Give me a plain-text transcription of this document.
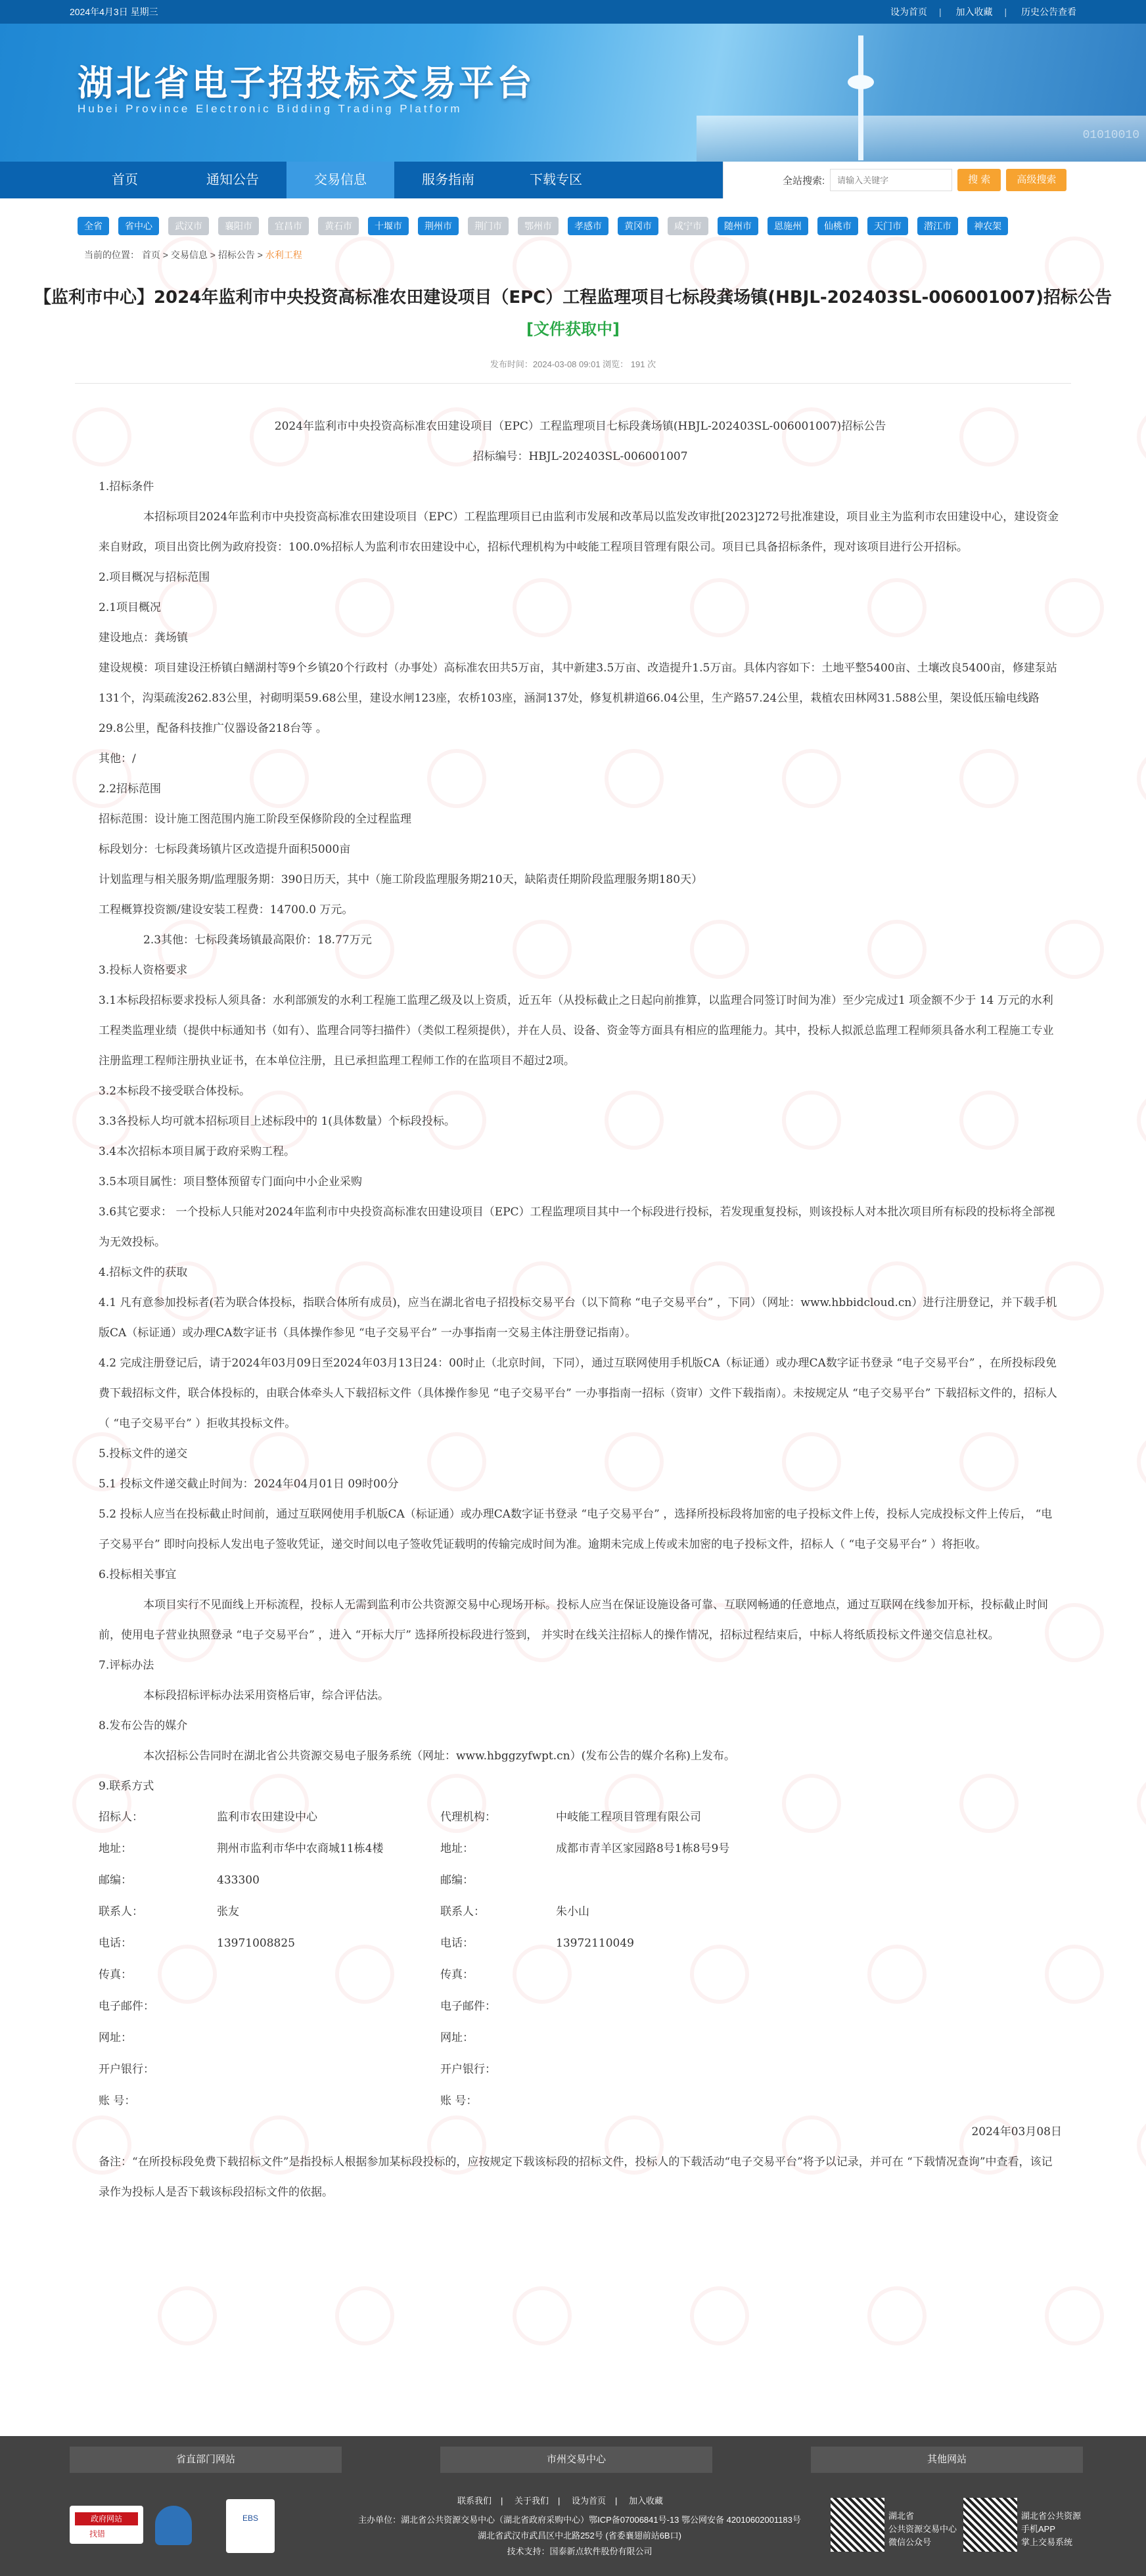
2024年4月3日 星期三	设为首页 | 加入收藏 | 历史公告查看
湖北省电子招投标交易平台
Hubei Province Electronic Bidding Trading Platform
01010010
首页	通知公告	交易信息	服务指南	下载专区	全站搜索:
请输入关键字	搜 索	高级搜索
全省	省中心	武汉市	襄阳市	宜昌市	黄石市	十堰市	荆州市	荆门市	鄂州市	孝感市	黄冈市	咸宁市	随州市	恩施州	仙桃市	天门市	潜江市	神农架
当前的位置： 首页 > 交易信息 > 招标公告 > 水利工程
【监利市中心】2024年监利市中央投资高标准农田建设项目（EPC）工程监理项目七标段龚场镇(HBJL-202403SL-006001007)招标公告
[文件获取中]
发布时间：2024-03-08 09:01 浏览： 191 次
2024年监利市中央投资高标准农田建设项目（EPC）工程监理项目七标段龚场镇(HBJL-202403SL-006001007)招标公告
招标编号：HBJL-202403SL-006001007
1.招标条件
本招标项目2024年监利市中央投资高标准农田建设项目（EPC）工程监理项目已由监利市发展和改革局以监发改审批[2023]272号批准建设，项目业主为监利市农田建设中心，建设资金来自财政，项目出资比例为政府投资：100.0%招标人为监利市农田建设中心，招标代理机构为中岐能工程项目管理有限公司。项目已具备招标条件，现对该项目进行公开招标。
2.项目概况与招标范围
2.1项目概况
建设地点：龚场镇
建设规模：项目建设汪桥镇白鳝湖村等9个乡镇20个行政村（办事处）高标准农田共5万亩，其中新建3.5万亩、改造提升1.5万亩。具体内容如下：土地平整5400亩、土壤改良5400亩，修建泵站131个，沟渠疏浚262.83公里，衬砌明渠59.68公里，建设水闸123座，农桥103座，涵洞137处，修复机耕道66.04公里，生产路57.24公里，栽植农田林网31.588公里，架设低压输电线路29.8公里，配备科技推广仪器设备218台等 。
其他：/
2.2招标范围
招标范围：设计施工图范围内施工阶段至保修阶段的全过程监理
标段划分：七标段龚场镇片区改造提升面积5000亩
计划监理与相关服务期/监理服务期：390日历天，其中（施工阶段监理服务期210天，缺陷责任期阶段监理服务期180天）
工程概算投资额/建设安装工程费：14700.0 万元。
2.3其他：七标段龚场镇最高限价：18.77万元
3.投标人资格要求
3.1本标段招标要求投标人须具备：水利部颁发的水利工程施工监理乙级及以上资质，近五年（从投标截止之日起向前推算，以监理合同签订时间为准）至少完成过1 项金额不少于 14 万元的水利工程类监理业绩（提供中标通知书（如有）、监理合同等扫描件）（类似工程须提供），并在人员、设备、资金等方面具有相应的监理能力。其中，投标人拟派总监理工程师须具备水利工程施工专业注册监理工程师注册执业证书，在本单位注册，且已承担监理工程师工作的在监项目不超过2项。
3.2本标段不接受联合体投标。
3.3各投标人均可就本招标项目上述标段中的 1(具体数量）个标段投标。
3.4本次招标本项目属于政府采购工程。
3.5本项目属性：项目整体预留专门面向中小企业采购
3.6其它要求： 一个投标人只能对2024年监利市中央投资高标准农田建设项目（EPC）工程监理项目其中一个标段进行投标，若发现重复投标，则该投标人对本批次项目所有标段的投标将全部视为无效投标。
4.招标文件的获取
4.1 凡有意参加投标者(若为联合体投标，指联合体所有成员)，应当在湖北省电子招投标交易平台（以下简称 “电子交易平台” ，下同）（网址：www.hbbidcloud.cn）进行注册登记，并下载手机版CA（标证通）或办理CA数字证书（具体操作参见 “电子交易平台” 一办事指南一交易主体注册登记指南）。
4.2 完成注册登记后，请于2024年03月09日至2024年03月13日24：00时止（北京时间，下同），通过互联网使用手机版CA（标证通）或办理CA数字证书登录 “电子交易平台” ，在所投标段免费下载招标文件，联合体投标的，由联合体牵头人下载招标文件（具体操作参见 “电子交易平台” 一办事指南一招标（资审）文件下载指南）。未按规定从 “电子交易平台” 下载招标文件的，招标人 （ “电子交易平台” ）拒收其投标文件。
5.投标文件的递交
5.1 投标文件递交截止时间为：2024年04月01日 09时00分
5.2 投标人应当在投标截止时间前，通过互联网使用手机版CA（标证通）或办理CA数字证书登录 “电子交易平台” ，选择所投标段将加密的电子投标文件上传，投标人完成投标文件上传后， “电子交易平台” 即时向投标人发出电子签收凭证，递交时间以电子签收凭证载明的传输完成时间为准。逾期未完成上传或未加密的电子投标文件，招标人（ “电子交易平台” ）将拒收。
6.投标相关事宜
本项目实行不见面线上开标流程，投标人无需到监利市公共资源交易中心现场开标。投标人应当在保证设施设备可靠、互联网畅通的任意地点，通过互联网在线参加开标，投标截止时间前，使用电子营业执照登录 “电子交易平台” ，进入 “开标大厅” 选择所投标段进行签到， 并实时在线关注招标人的操作情况，招标过程结束后，中标人将纸质投标文件递交信息社权。
7.评标办法
本标段招标评标办法采用资格后审，综合评估法。
8.发布公告的媒介
本次招标公告同时在湖北省公共资源交易电子服务系统（网址：www.hbggzyfwpt.cn）(发布公告的媒介名称)上发布。
9.联系方式
招标人：	监利市农田建设中心	代理机构：	中岐能工程项目管理有限公司
地址：	荆州市监利市华中农商城11栋4楼	地址：	成都市青羊区家园路8号1栋8号9号
邮编：	433300	邮编：	
联系人：	张友	联系人：	朱小山
电话：	13971008825	电话：	13972110049
传真：		传真：	
电子邮件：		电子邮件：	
网址：		网址：	
开户银行：		开户银行：	
账 号：		账 号：	
2024年03月08日
备注：“在所投标段免费下载招标文件”是指投标人根据参加某标段投标的，应按规定下载该标段的招标文件，投标人的下载活动“电子交易平台”将予以记录，并可在 “下载情况查询”中查看，该记录作为投标人是否下载该标段招标文件的依据。
省直部门网站	市州交易中心	其他网站
政府网站
找错
EBS
联系我们 | 关于我们 | 设为首页 | 加入收藏
主办单位：湖北省公共资源交易中心（湖北省政府采购中心）鄂ICP备07006841号-13 鄂公网安备 42010602001183号
湖北省武汉市武昌区中北路252号 (省委襄翅前站6B口)
技术支持：国泰新点软件股份有限公司
湖北省
公共资源交易中心
微信公众号
湖北省公共资源
手机APP
掌上交易系统
